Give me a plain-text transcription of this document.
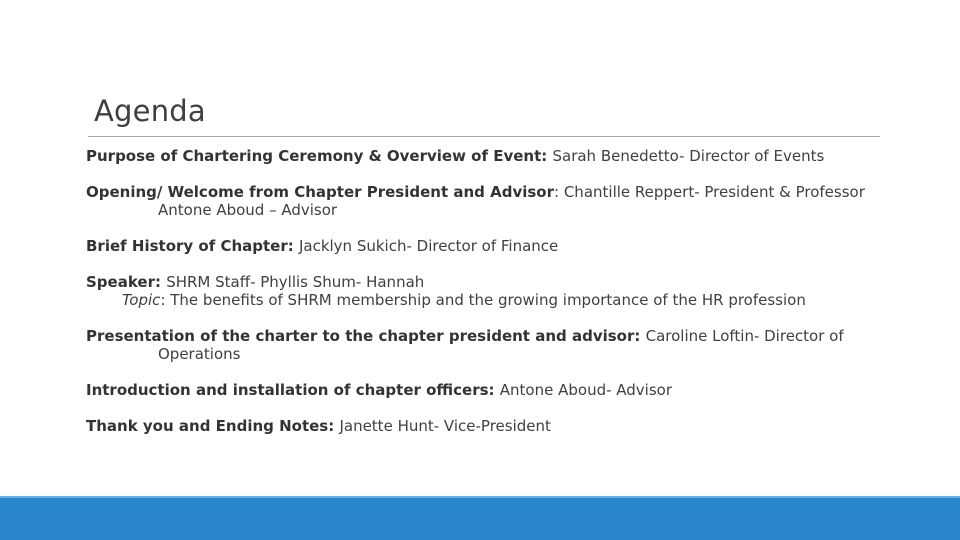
Agenda
Purpose of Chartering Ceremony & Overview of Event: Sarah Benedetto- Director of Events
Opening/ Welcome from Chapter President and Advisor: Chantille Reppert- President & Professor
Antone Aboud – Advisor
Brief History of Chapter: Jacklyn Sukich- Director of Finance
Speaker: SHRM Staff- Phyllis Shum- Hannah
Topic: The benefits of SHRM membership and the growing importance of the HR profession
Presentation of the charter to the chapter president and advisor: Caroline Loftin- Director of
Operations
Introduction and installation of chapter officers: Antone Aboud- Advisor
Thank you and Ending Notes: Janette Hunt- Vice-President
